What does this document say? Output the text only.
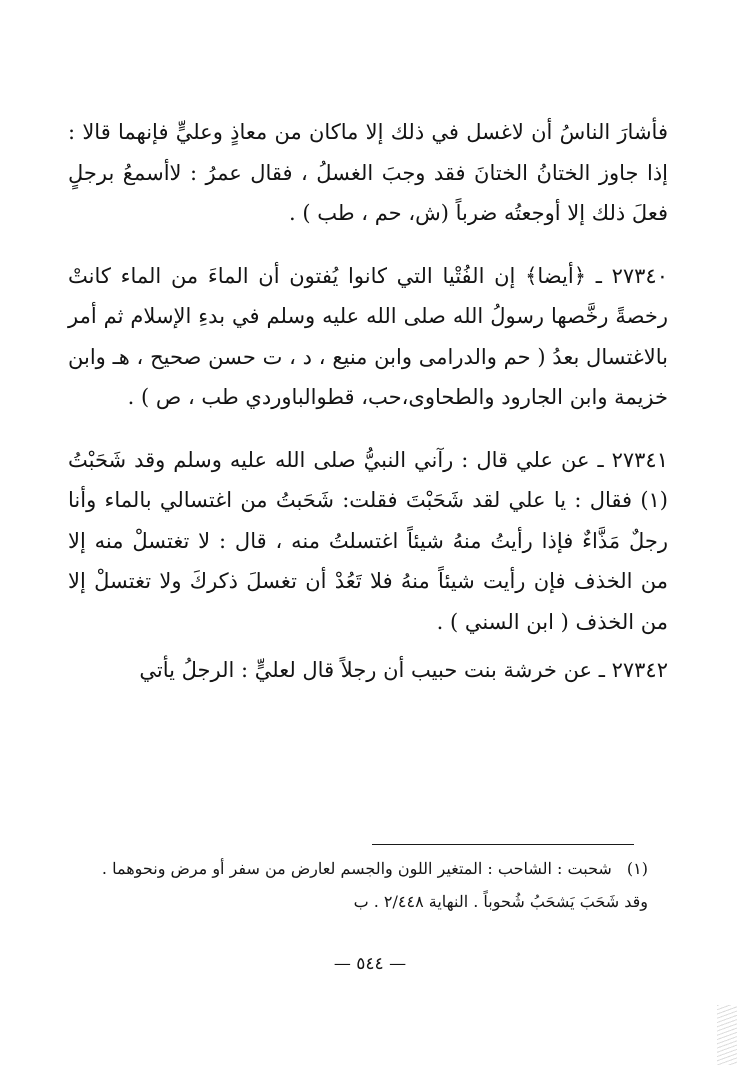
فأشارَ الناسُ أن لاغسل في ذلك إلا ماكان من معاذٍ وعليٍّ فإنهما قالا : إذا جاوز الختانُ الختانَ فقد وجبَ الغسلُ ، فقال عمرُ : لاأسمعُ برجلٍ فعلَ ذلك إلا أوجعتُه ضرباً (ش، حم ، طب ) .

٢٧٣٤٠ ـ ﴿أيضا﴾ إن الفُتْيا التي كانوا يُفتون أن الماءَ من الماء كانتْ رخصةً رخَّصها رسولُ الله صلى الله عليه وسلم في بدءِ الإسلام ثم أمر بالاغتسال بعدُ ( حم والدرامى وابن منيع ، د ، ت حسن صحيح ، هـ وابن خزيمة وابن الجارود والطحاوى،حب، قطوالباوردي طب ، ص ) .

٢٧٣٤١ ـ عن علي قال : رآني النبيُّ صلى الله عليه وسلم وقد شَحَبْتُ (١) فقال : يا علي لقد شَحَبْتَ فقلت: شَحَبتُ من اغتسالي بالماء وأنا رجلٌ مَذَّاءٌ فإذا رأيتُ منهُ شيئاً اغتسلتُ منه ، قال : لا تغتسلْ منه إلا من الخذف فإن رأيت شيئاً منهُ فلا تَعُدْ أن تغسلَ ذكركَ ولا تغتسلْ إلا من الخذف ( ابن السني ) .

٢٧٣٤٢ ـ عن خرشة بنت حبيب أن رجلاً قال لعليٍّ : الرجلُ يأتي

(١) شحبت : الشاحب : المتغير اللون والجسم لعارض من سفر أو مرض ونحوهما .
وقد شَحَبَ يَشحَبُ شُحوباً . النهاية ٢/٤٤٨ . ب
— ٥٤٤ —
